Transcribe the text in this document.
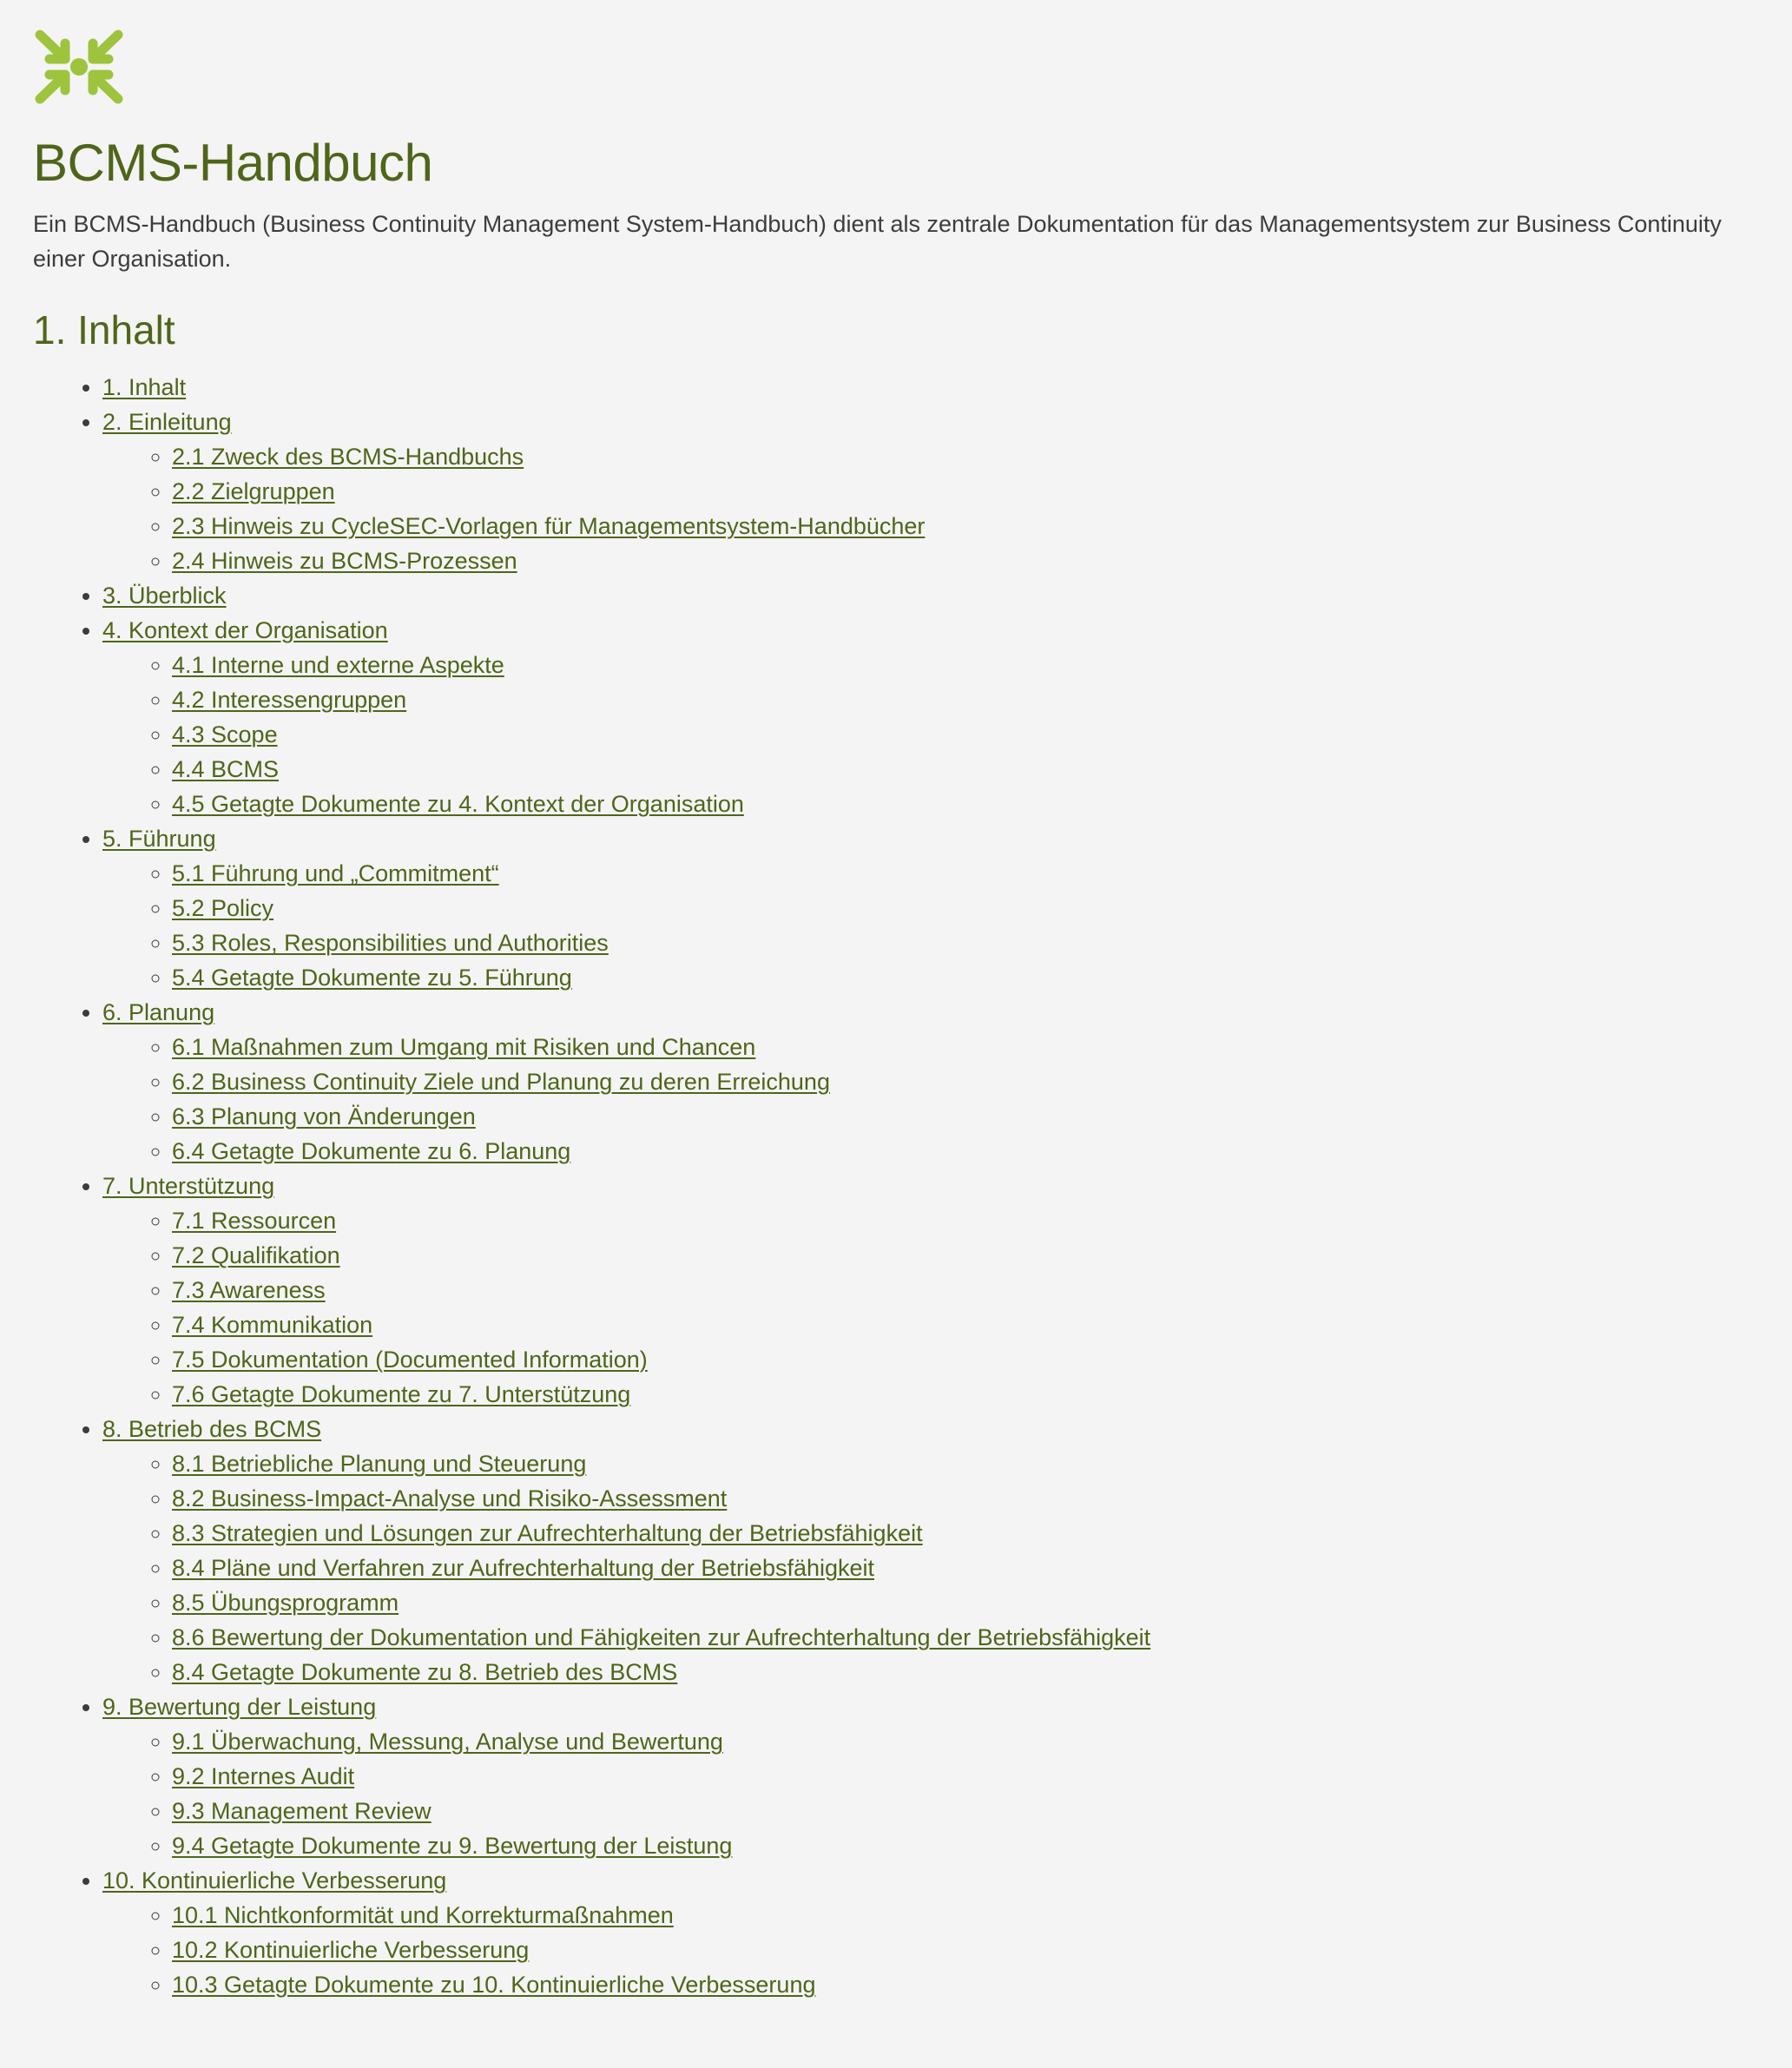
BCMS-Handbuch

Ein BCMS-Handbuch (Business Continuity Management System-Handbuch) dient als zentrale Dokumentation für das Managementsystem zur Business Continuity einer Organisation.

1. Inhalt
• 1. Inhalt
• 2. Einleitung
◦ 2.1 Zweck des BCMS-Handbuchs
◦ 2.2 Zielgruppen
◦ 2.3 Hinweis zu CycleSEC-Vorlagen für Managementsystem-Handbücher
◦ 2.4 Hinweis zu BCMS-Prozessen
• 3. Überblick
• 4. Kontext der Organisation
◦ 4.1 Interne und externe Aspekte
◦ 4.2 Interessengruppen
◦ 4.3 Scope
◦ 4.4 BCMS
◦ 4.5 Getagte Dokumente zu 4. Kontext der Organisation
• 5. Führung
◦ 5.1 Führung und „Commitment“
◦ 5.2 Policy
◦ 5.3 Roles, Responsibilities und Authorities
◦ 5.4 Getagte Dokumente zu 5. Führung
• 6. Planung
◦ 6.1 Maßnahmen zum Umgang mit Risiken und Chancen
◦ 6.2 Business Continuity Ziele und Planung zu deren Erreichung
◦ 6.3 Planung von Änderungen
◦ 6.4 Getagte Dokumente zu 6. Planung
• 7. Unterstützung
◦ 7.1 Ressourcen
◦ 7.2 Qualifikation
◦ 7.3 Awareness
◦ 7.4 Kommunikation
◦ 7.5 Dokumentation (Documented Information)
◦ 7.6 Getagte Dokumente zu 7. Unterstützung
• 8. Betrieb des BCMS
◦ 8.1 Betriebliche Planung und Steuerung
◦ 8.2 Business-Impact-Analyse und Risiko-Assessment
◦ 8.3 Strategien und Lösungen zur Aufrechterhaltung der Betriebsfähigkeit
◦ 8.4 Pläne und Verfahren zur Aufrechterhaltung der Betriebsfähigkeit
◦ 8.5 Übungsprogramm
◦ 8.6 Bewertung der Dokumentation und Fähigkeiten zur Aufrechterhaltung der Betriebsfähigkeit
◦ 8.4 Getagte Dokumente zu 8. Betrieb des BCMS
• 9. Bewertung der Leistung
◦ 9.1 Überwachung, Messung, Analyse und Bewertung
◦ 9.2 Internes Audit
◦ 9.3 Management Review
◦ 9.4 Getagte Dokumente zu 9. Bewertung der Leistung
• 10. Kontinuierliche Verbesserung
◦ 10.1 Nichtkonformität und Korrekturmaßnahmen
◦ 10.2 Kontinuierliche Verbesserung
◦ 10.3 Getagte Dokumente zu 10. Kontinuierliche Verbesserung
